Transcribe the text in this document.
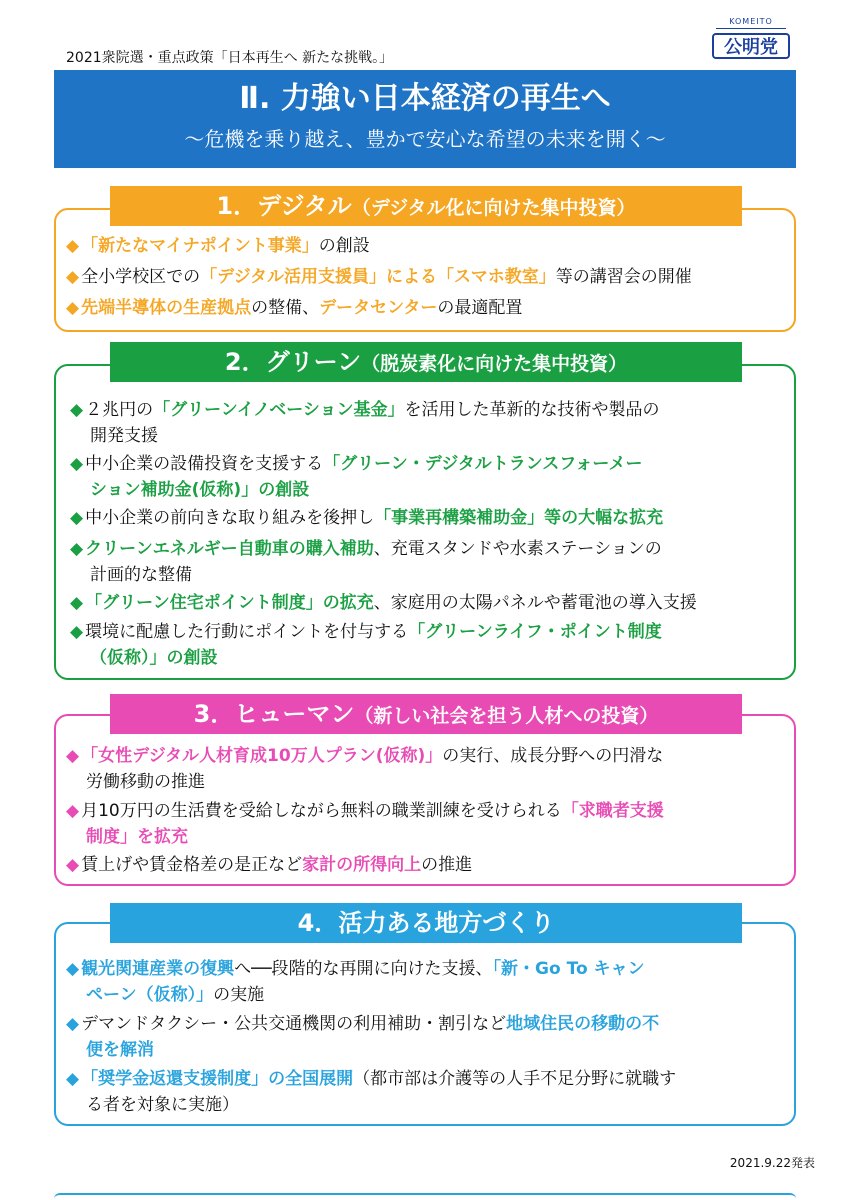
2021衆院選・重点政策「日本再生へ 新たな挑戦。」
KOMEITO
公明党
Ⅱ. 力強い日本経済の再生へ
〜危機を乗り越え、豊かで安心な希望の未来を開く〜
1．デジタル（デジタル化に向けた集中投資）
◆ 「新たなマイナポイント事業」の創設
◆ 全小学校区での「デジタル活用支援員」による「スマホ教室」等の講習会の開催
◆ 先端半導体の生産拠点の整備、データセンターの最適配置
2．グリーン（脱炭素化に向けた集中投資）
◆ ２兆円の「グリーンイノベーション基金」を活用した革新的な技術や製品の
開発支援
◆ 中小企業の設備投資を支援する「グリーン・デジタルトランスフォーメー
ション補助金(仮称)」の創設
◆ 中小企業の前向きな取り組みを後押し「事業再構築補助金」等の大幅な拡充
◆ クリーンエネルギー自動車の購入補助、充電スタンドや水素ステーションの
計画的な整備
◆ 「グリーン住宅ポイント制度」の拡充、家庭用の太陽パネルや蓄電池の導入支援
◆ 環境に配慮した行動にポイントを付与する「グリーンライフ・ポイント制度
（仮称）」の創設
3．ヒューマン（新しい社会を担う人材への投資）
◆ 「女性デジタル人材育成10万人プラン(仮称)」の実行、成長分野への円滑な
労働移動の推進
◆ 月10万円の生活費を受給しながら無料の職業訓練を受けられる「求職者支援
制度」を拡充
◆ 賃上げや賃金格差の是正など家計の所得向上の推進
4．活力ある地方づくり
◆ 観光関連産業の復興へ──段階的な再開に向けた支援、「新・Go To キャン
ペーン（仮称）」の実施
◆ デマンドタクシー・公共交通機関の利用補助・割引など地域住民の移動の不
便を解消
◆ 「奨学金返還支援制度」の全国展開（都市部は介護等の人手不足分野に就職す
る者を対象に実施）
2021.9.22発表
